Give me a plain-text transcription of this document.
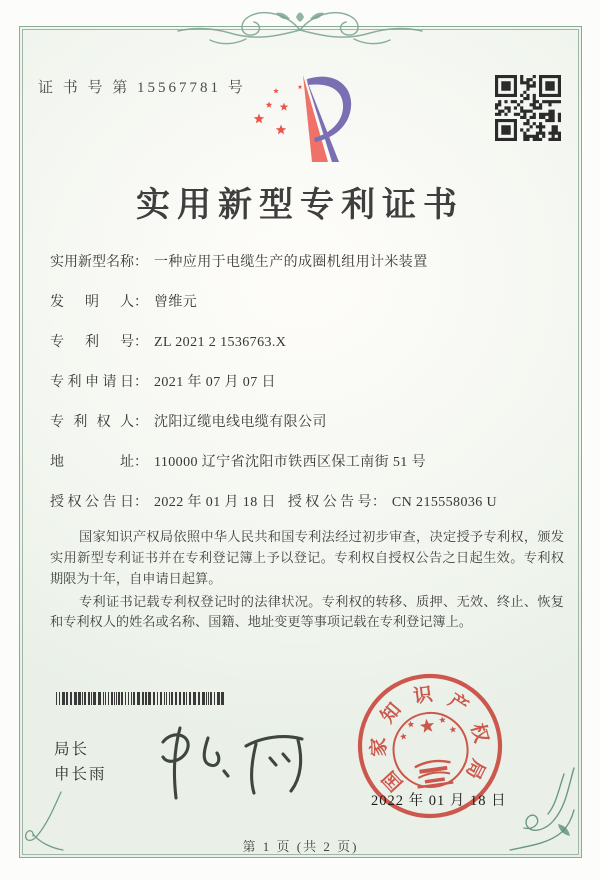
证 书 号 第 15567781 号
实用新型专利证书
实用新型名称： 一种应用于电缆生产的成圈机组用计米装置
发明人： 曾维元
专利号： ZL 2021 2 1536763.X
专利申请日： 2021 年 07 月 07 日
专利权人： 沈阳辽缆电线电缆有限公司
地址： 110000 辽宁省沈阳市铁西区保工南街 51 号
授权公告日： 2022 年 01 月 18 日 授权公告号： CN 215558036 U

国家知识产权局依照中华人民共和国专利法经过初步审查，决定授予专利权，颁发实用新型专利证书并在专利登记簿上予以登记。专利权自授权公告之日起生效。专利权期限为十年，自申请日起算。

专利证书记载专利权登记时的法律状况。专利权的转移、质押、无效、终止、恢复和专利权人的姓名或名称、国籍、地址变更等事项记载在专利登记簿上。

局长
申长雨	国
家
知
识 产
权
局
2022 年 01 月 18 日
第 1 页 (共 2 页)
